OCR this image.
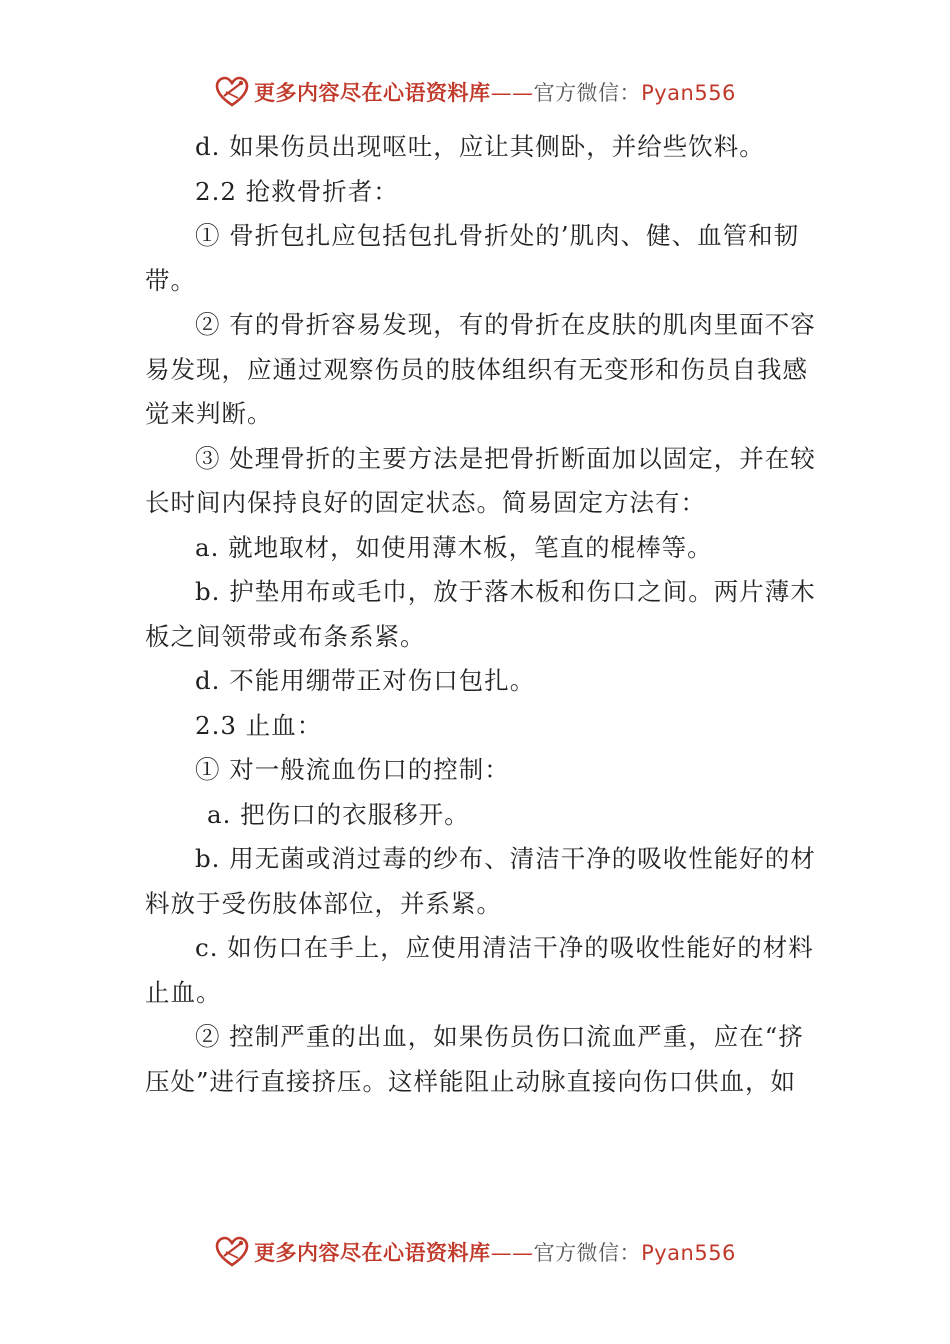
更多内容尽在心语资料库——官方微信：Pyan556

d. 如果伤员出现呕吐，应让其侧卧，并给些饮料。

2.2 抢救骨折者：

① 骨折包扎应包括包扎骨折处的’肌肉、健、血管和韧带。

② 有的骨折容易发现，有的骨折在皮肤的肌肉里面不容易发现，应通过观察伤员的肢体组织有无变形和伤员自我感觉来判断。

③ 处理骨折的主要方法是把骨折断面加以固定，并在较长时间内保持良好的固定状态。简易固定方法有：

a. 就地取材，如使用薄木板，笔直的棍棒等。

b. 护垫用布或毛巾，放于落木板和伤口之间。两片薄木板之间领带或布条系紧。

d. 不能用绷带正对伤口包扎。

2.3 止血：

① 对一般流血伤口的控制：

a. 把伤口的衣服移开。

b. 用无菌或消过毒的纱布、清洁干净的吸收性能好的材料放于受伤肢体部位，并系紧。

c. 如伤口在手上，应使用清洁干净的吸收性能好的材料止血。

② 控制严重的出血，如果伤员伤口流血严重，应在“挤压处”进行直接挤压。这样能阻止动脉直接向伤口供血，如

更多内容尽在心语资料库——官方微信：Pyan556
